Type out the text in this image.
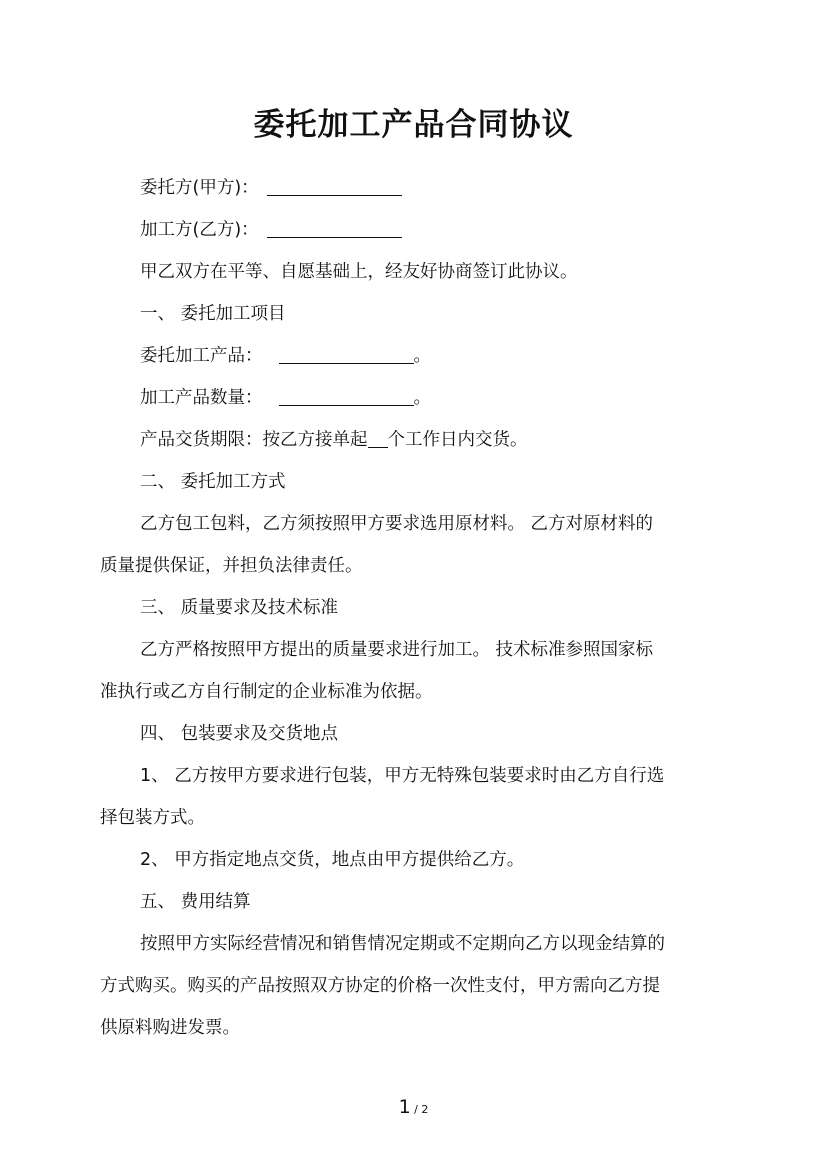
委托加工产品合同协议
委托方(甲方)：
加工方(乙方)：
甲乙双方在平等、自愿基础上，经友好协商签订此协议。
一、 委托加工项目
委托加工产品：	。
加工产品数量：	。
产品交货期限：按乙方接单起 个工作日内交货。
二、 委托加工方式
乙方包工包料，乙方须按照甲方要求选用原材料。 乙方对原材料的
质量提供保证，并担负法律责任。
三、 质量要求及技术标准
乙方严格按照甲方提出的质量要求进行加工。 技术标准参照国家标
准执行或乙方自行制定的企业标准为依据。
四、 包装要求及交货地点
1、 乙方按甲方要求进行包装，甲方无特殊包装要求时由乙方自行选
择包装方式。
2、 甲方指定地点交货，地点由甲方提供给乙方。
五、 费用结算
按照甲方实际经营情况和销售情况定期或不定期向乙方以现金结算的
方式购买。购买的产品按照双方协定的价格一次性支付，甲方需向乙方提
供原料购进发票。
1 / 2
